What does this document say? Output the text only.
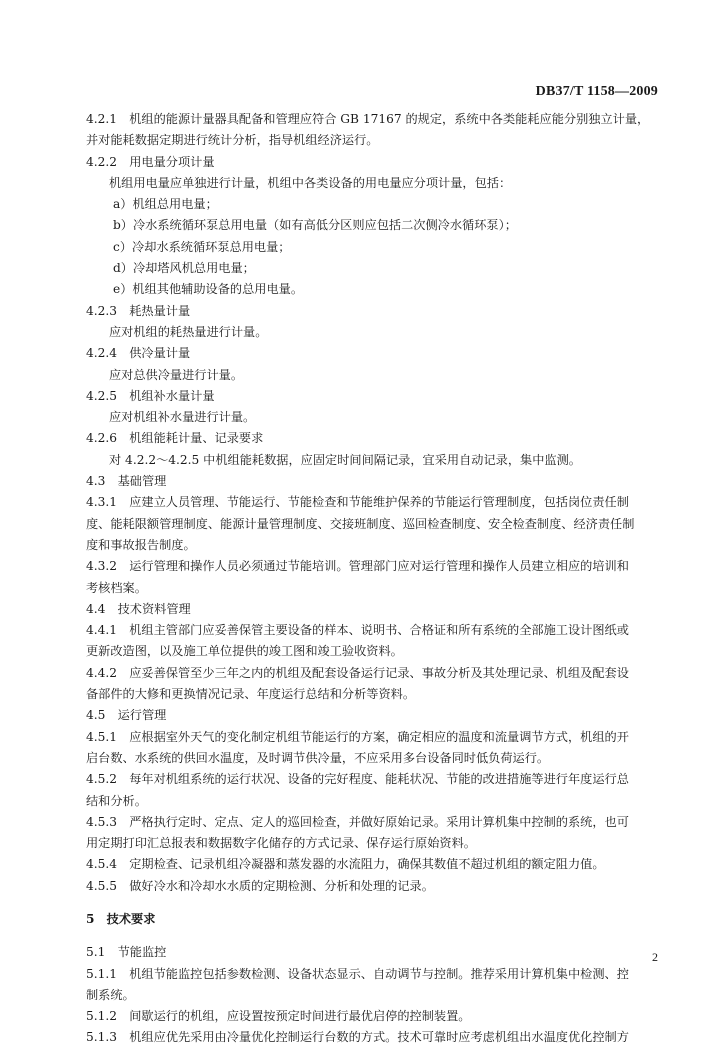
DB37/T 1158—2009
4.2.1　机组的能源计量器具配备和管理应符合 GB 17167 的规定，系统中各类能耗应能分别独立计量，
并对能耗数据定期进行统计分析，指导机组经济运行。
4.2.2　用电量分项计量
机组用电量应单独进行计量，机组中各类设备的用电量应分项计量，包括：
a）机组总用电量；
b）冷水系统循环泵总用电量（如有高低分区则应包括二次侧冷水循环泵）；
c）冷却水系统循环泵总用电量；
d）冷却塔风机总用电量；
e）机组其他辅助设备的总用电量。
4.2.3　耗热量计量
应对机组的耗热量进行计量。
4.2.4　供冷量计量
应对总供冷量进行计量。
4.2.5　机组补水量计量
应对机组补水量进行计量。
4.2.6　机组能耗计量、记录要求
对 4.2.2～4.2.5 中机组能耗数据，应固定时间间隔记录，宜采用自动记录，集中监测。
4.3　基础管理
4.3.1　应建立人员管理、节能运行、节能检查和节能维护保养的节能运行管理制度，包括岗位责任制
度、能耗限额管理制度、能源计量管理制度、交接班制度、巡回检查制度、安全检查制度、经济责任制
度和事故报告制度。
4.3.2　运行管理和操作人员必须通过节能培训。管理部门应对运行管理和操作人员建立相应的培训和
考核档案。
4.4　技术资料管理
4.4.1　机组主管部门应妥善保管主要设备的样本、说明书、合格证和所有系统的全部施工设计图纸或
更新改造图，以及施工单位提供的竣工图和竣工验收资料。
4.4.2　应妥善保管至少三年之内的机组及配套设备运行记录、事故分析及其处理记录、机组及配套设
备部件的大修和更换情况记录、年度运行总结和分析等资料。
4.5　运行管理
4.5.1　应根据室外天气的变化制定机组节能运行的方案，确定相应的温度和流量调节方式，机组的开
启台数、水系统的供回水温度，及时调节供冷量，不应采用多台设备同时低负荷运行。
4.5.2　每年对机组系统的运行状况、设备的完好程度、能耗状况、节能的改进措施等进行年度运行总
结和分析。
4.5.3　严格执行定时、定点、定人的巡回检查，并做好原始记录。采用计算机集中控制的系统，也可
用定期打印汇总报表和数据数字化储存的方式记录、保存运行原始资料。
4.5.4　定期检查、记录机组冷凝器和蒸发器的水流阻力，确保其数值不超过机组的额定阻力值。
4.5.5　做好冷水和冷却水水质的定期检测、分析和处理的记录。
5　技术要求
5.1　节能监控
5.1.1　机组节能监控包括参数检测、设备状态显示、自动调节与控制。推荐采用计算机集中检测、控
制系统。
5.1.2　间歇运行的机组，应设置按预定时间进行最优启停的控制装置。
5.1.3　机组应优先采用由冷量优化控制运行台数的方式。技术可靠时应考虑机组出水温度优化控制方
2
